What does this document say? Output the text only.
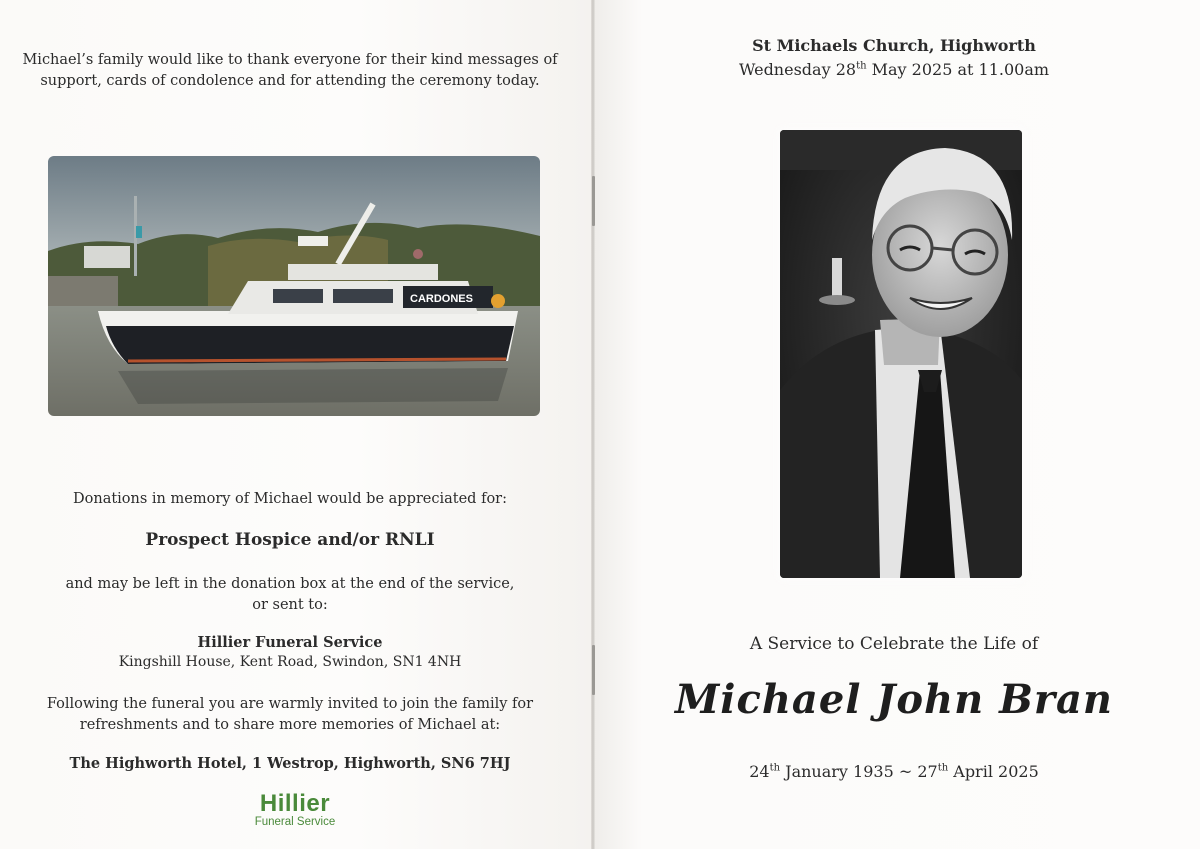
Michael’s family would like to thank everyone for their kind messages of
support, cards of condolence and for attending the ceremony today.
CARDONES
Donations in memory of Michael would be appreciated for:
Prospect Hospice and/or RNLI
and may be left in the donation box at the end of the service,
or sent to:
Hillier Funeral Service
Kingshill House, Kent Road, Swindon, SN1 4NH
Following the funeral you are warmly invited to join the family for
refreshments and to share more memories of Michael at:
The Highworth Hotel, 1 Westrop, Highworth, SN6 7HJ
Hillier
Funeral Service
St Michaels Church, Highworth
Wednesday 28th May 2025 at 11.00am
A Service to Celebrate the Life of
Michael John Bran
24th January 1935 ~ 27th April 2025
